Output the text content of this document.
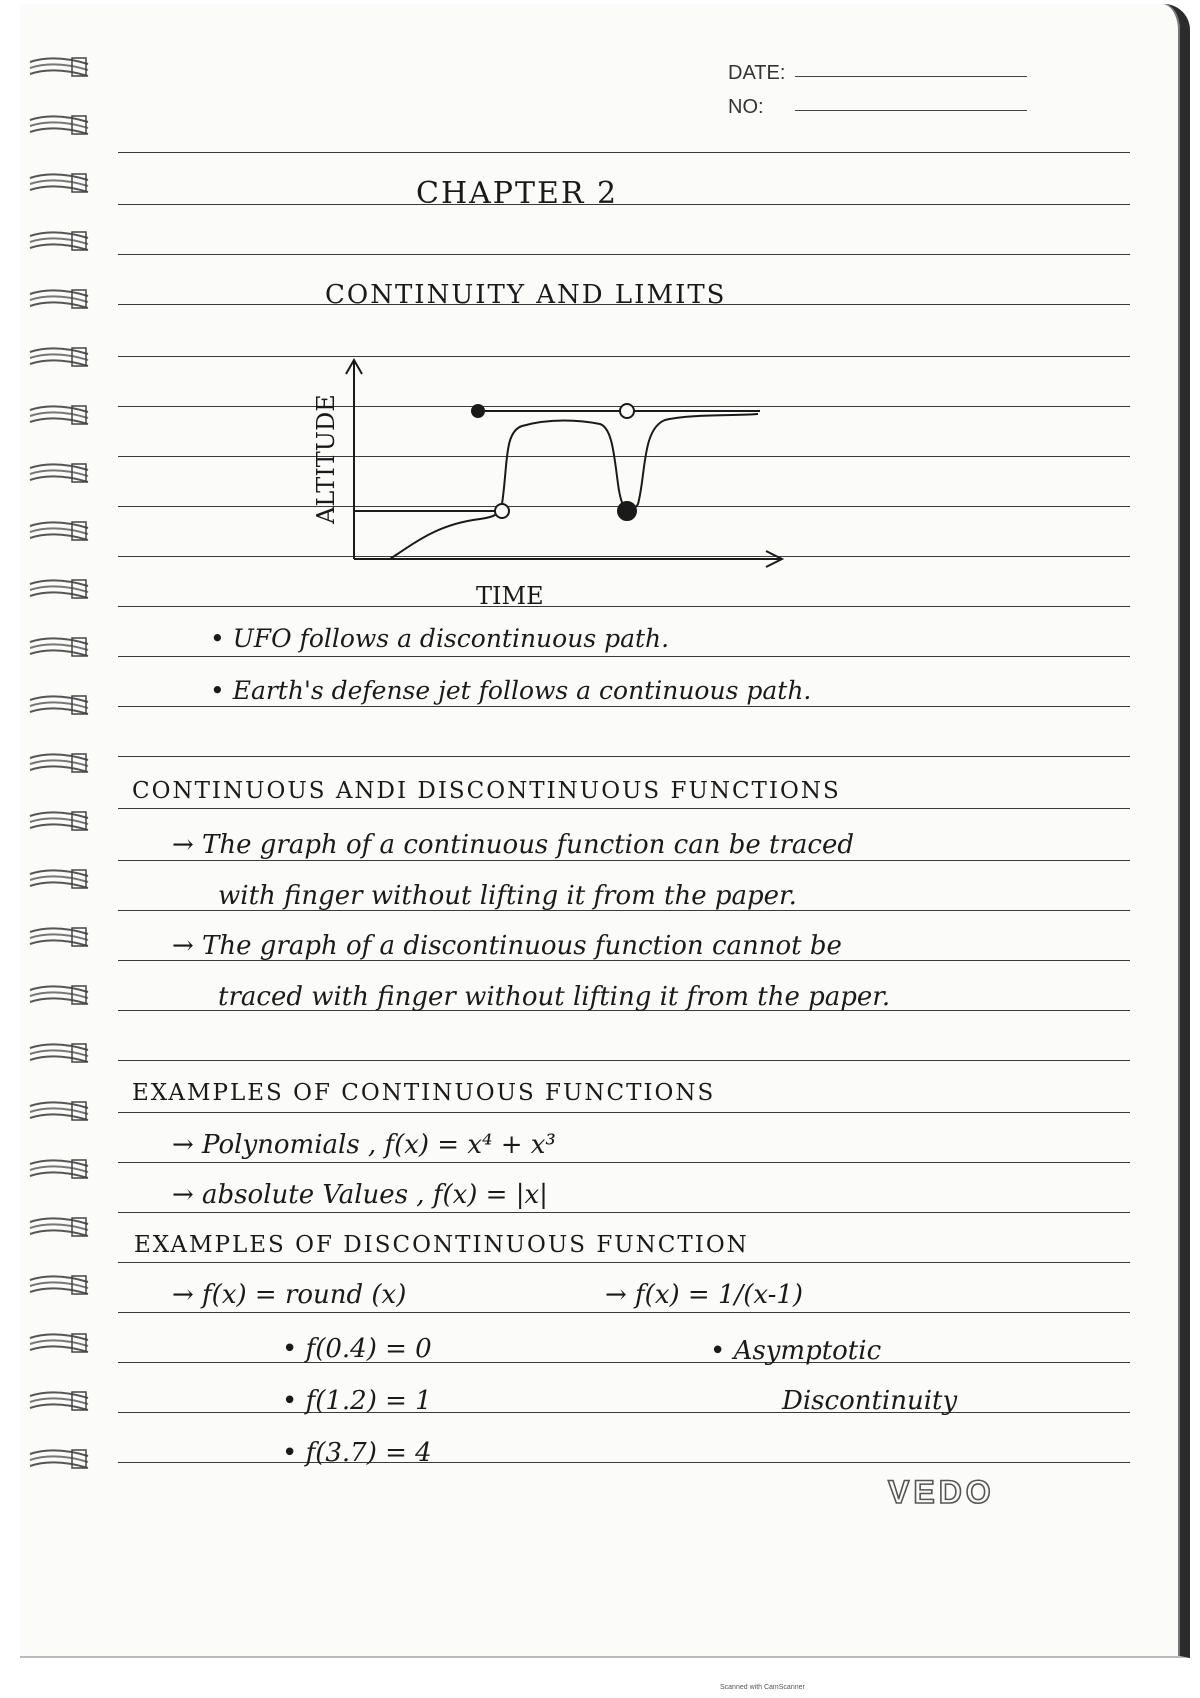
DATE:
NO:
CHAPTER 2
CONTINUITY AND LIMITS
ALTITUDE
TIME
• UFO follows a discontinuous path.
• Earth's defense jet follows a continuous path.
CONTINUOUS ANDI DISCONTINUOUS FUNCTIONS
→ The graph of a continuous function can be traced
with finger without lifting it from the paper.
→ The graph of a discontinuous function cannot be
traced with finger without lifting it from the paper.
EXAMPLES OF CONTINUOUS FUNCTIONS
→ Polynomials , f(x) = x⁴ + x³
→ absolute Values , f(x) = |x|
EXAMPLES OF DISCONTINUOUS FUNCTION
→ f(x) = round (x)
• f(0.4) = 0
• f(1.2) = 1
• f(3.7) = 4
→ f(x) = 1/(x-1)
• Asymptotic
Discontinuity
VEDO
Scanned with CamScanner
